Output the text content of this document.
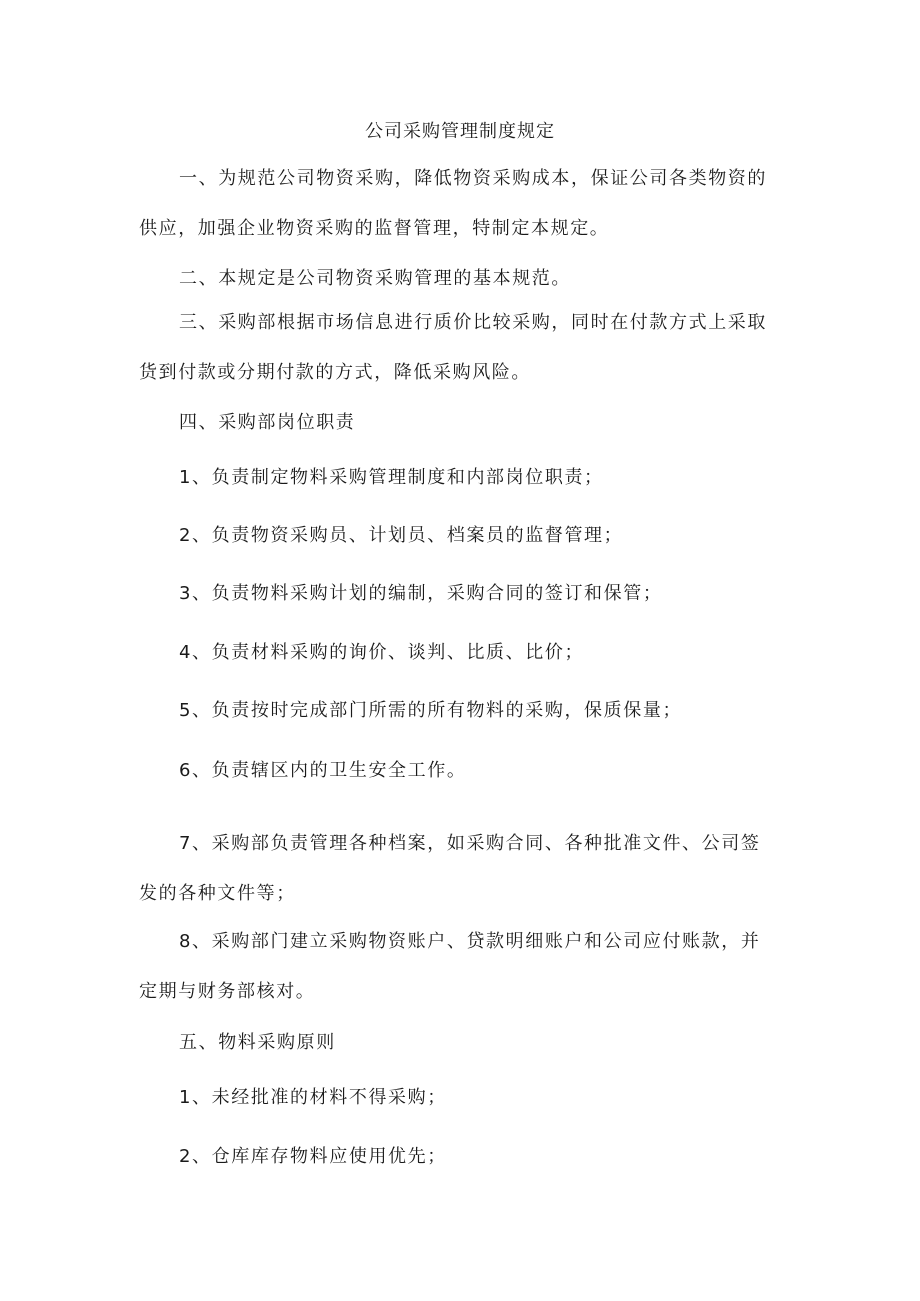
公司采购管理制度规定
一、为规范公司物资采购，降低物资采购成本，保证公司各类物资的
供应，加强企业物资采购的监督管理，特制定本规定。
二、本规定是公司物资采购管理的基本规范。
三、采购部根据市场信息进行质价比较采购，同时在付款方式上采取
货到付款或分期付款的方式，降低采购风险。
四、采购部岗位职责
1、负责制定物料采购管理制度和内部岗位职责；
2、负责物资采购员、计划员、档案员的监督管理；
3、负责物料采购计划的编制，采购合同的签订和保管；
4、负责材料采购的询价、谈判、比质、比价；
5、负责按时完成部门所需的所有物料的采购，保质保量；
6、负责辖区内的卫生安全工作。
7、采购部负责管理各种档案，如采购合同、各种批准文件、公司签
发的各种文件等；
8、采购部门建立采购物资账户、贷款明细账户和公司应付账款，并
定期与财务部核对。
五、物料采购原则
1、未经批准的材料不得采购；
2、仓库库存物料应使用优先；
